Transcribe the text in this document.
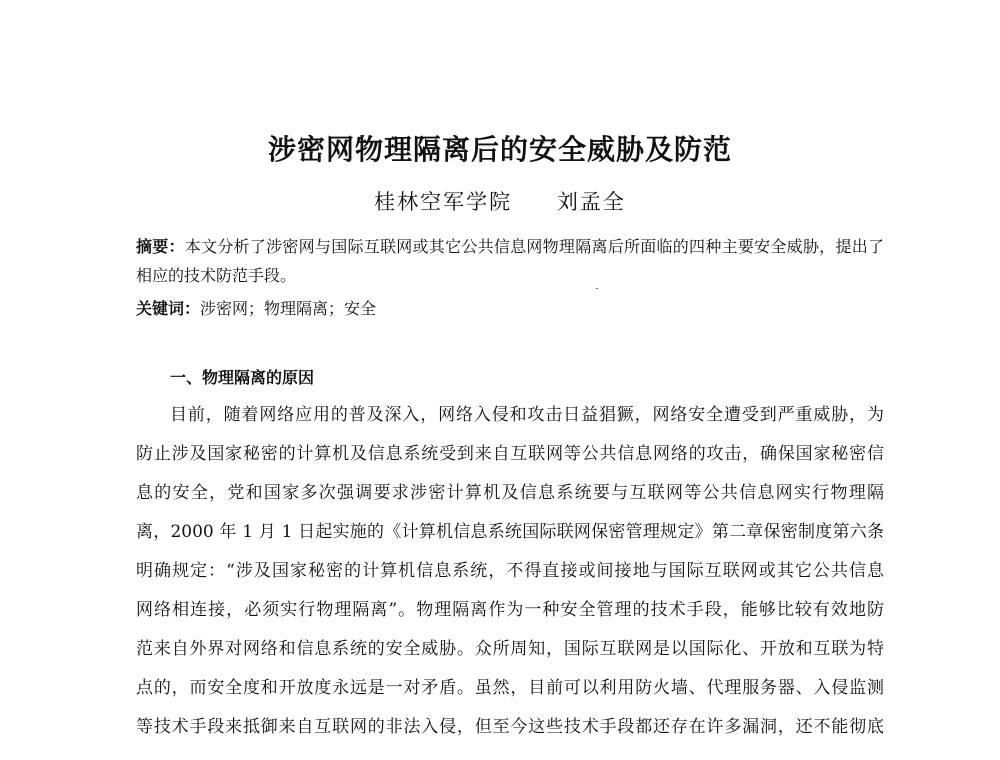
涉密网物理隔离后的安全威胁及防范
桂林空军学院 刘孟全
摘要：本文分析了涉密网与国际互联网或其它公共信息网物理隔离后所面临的四种主要安全威胁，提出了相应的技术防范手段。
关键词：涉密网；物理隔离；安全
一、物理隔离的原因
目前，随着网络应用的普及深入，网络入侵和攻击日益猖獗，网络安全遭受到严重威胁，为
防止涉及国家秘密的计算机及信息系统受到来自互联网等公共信息网络的攻击，确保国家秘密信
息的安全，党和国家多次强调要求涉密计算机及信息系统要与互联网等公共信息网实行物理隔
离，2000 年 1 月 1 日起实施的《计算机信息系统国际联网保密管理规定》第二章保密制度第六条
明确规定：“涉及国家秘密的计算机信息系统，不得直接或间接地与国际互联网或其它公共信息
网络相连接，必须实行物理隔离”。物理隔离作为一种安全管理的技术手段，能够比较有效地防
范来自外界对网络和信息系统的安全威胁。众所周知，国际互联网是以国际化、开放和互联为特
点的，而安全度和开放度永远是一对矛盾。虽然，目前可以利用防火墙、代理服务器、入侵监测
等技术手段来抵御来自互联网的非法入侵，但至今这些技术手段都还存在许多漏洞，还不能彻底
